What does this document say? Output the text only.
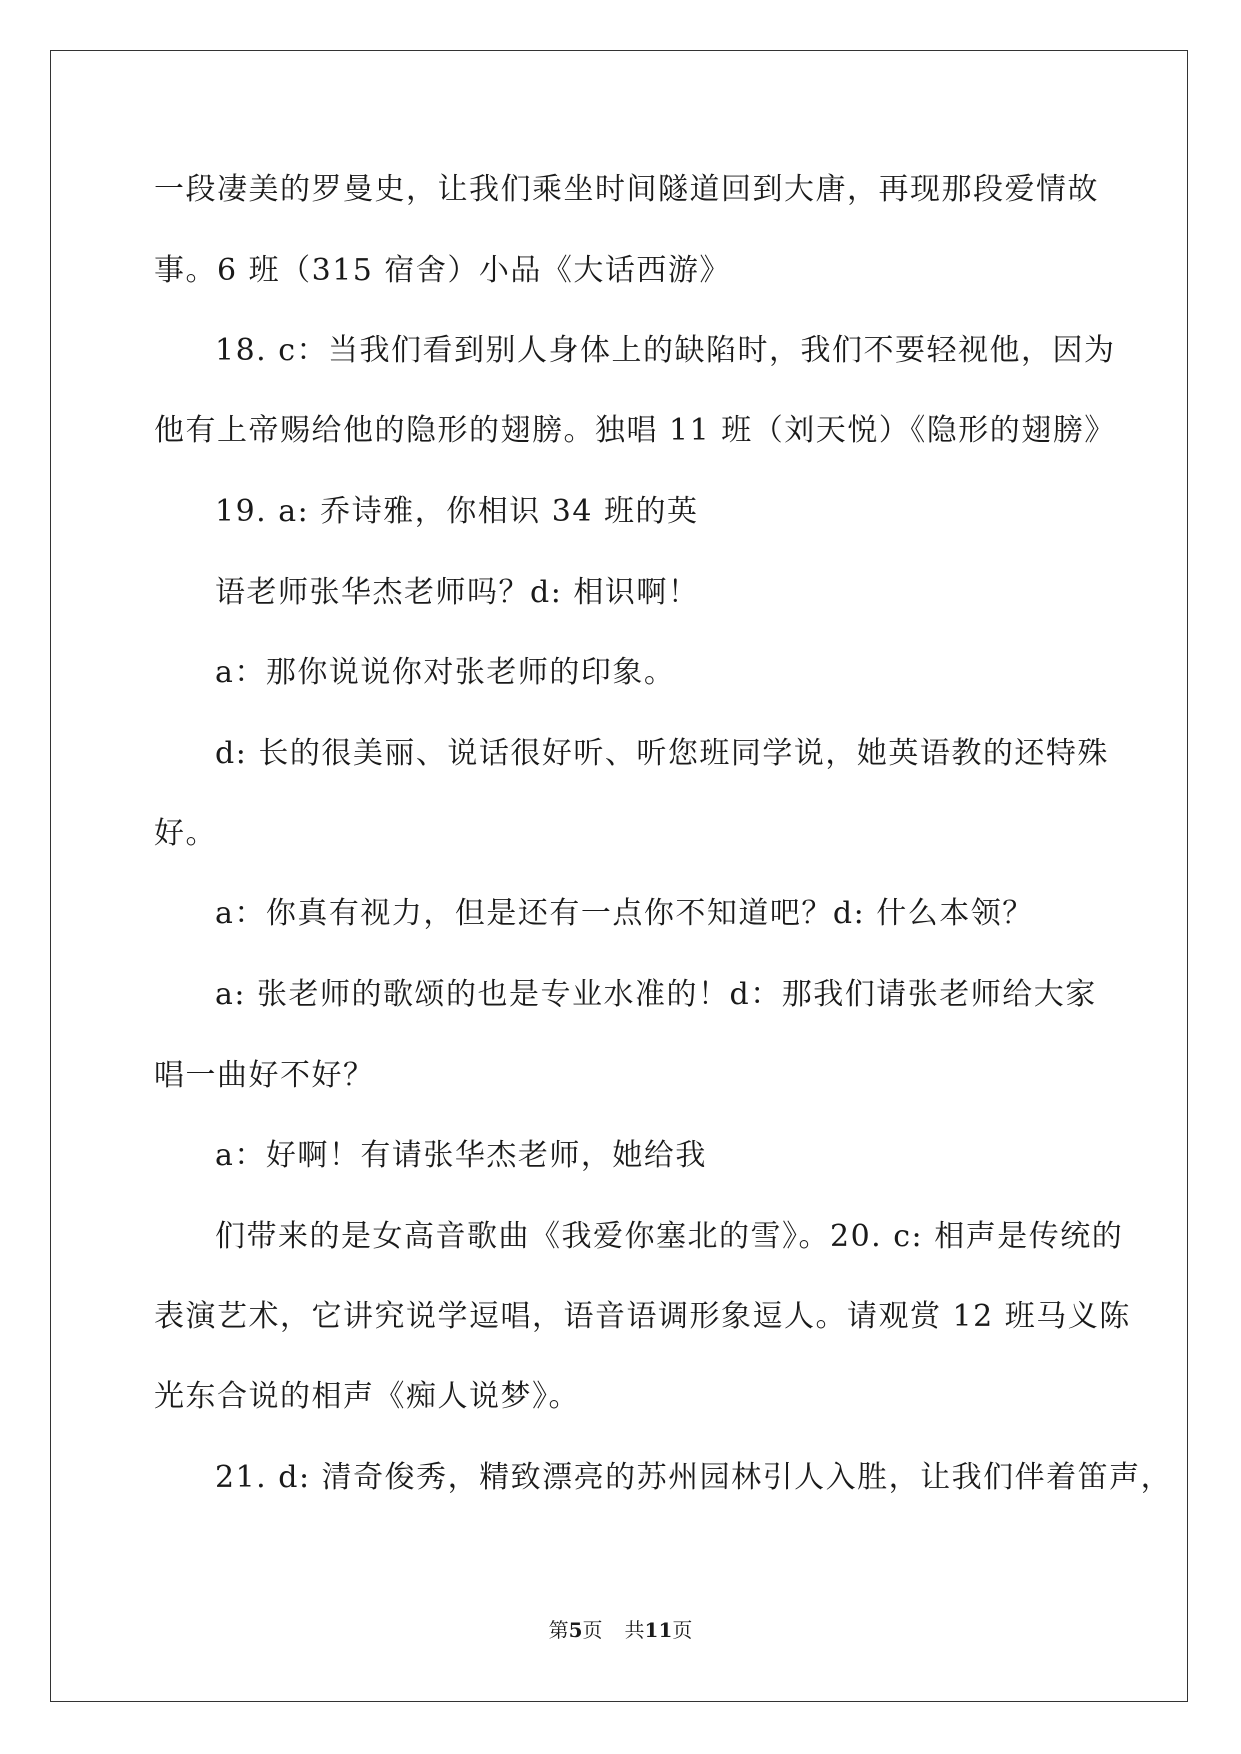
一段凄美的罗曼史，让我们乘坐时间隧道回到大唐，再现那段爱情故
事。6 班（315 宿舍）小品《大话西游》
18. c：当我们看到别人身体上的缺陷时，我们不要轻视他，因为
他有上帝赐给他的隐形的翅膀。独唱 11 班（刘天悦）《隐形的翅膀》
19. a: 乔诗雅，你相识 34 班的英
语老师张华杰老师吗？d: 相识啊！
a：那你说说你对张老师的印象。
d: 长的很美丽、说话很好听、听您班同学说，她英语教的还特殊
好。
a：你真有视力，但是还有一点你不知道吧？d: 什么本领？
a: 张老师的歌颂的也是专业水准的！d：那我们请张老师给大家
唱一曲好不好？
a：好啊！有请张华杰老师，她给我
们带来的是女高音歌曲《我爱你塞北的雪》。20. c: 相声是传统的
表演艺术，它讲究说学逗唱，语音语调形象逗人。请观赏 12 班马义陈
光东合说的相声《痴人说梦》。
21. d: 清奇俊秀，精致漂亮的苏州园林引人入胜，让我们伴着笛声，
第5页 共11页
